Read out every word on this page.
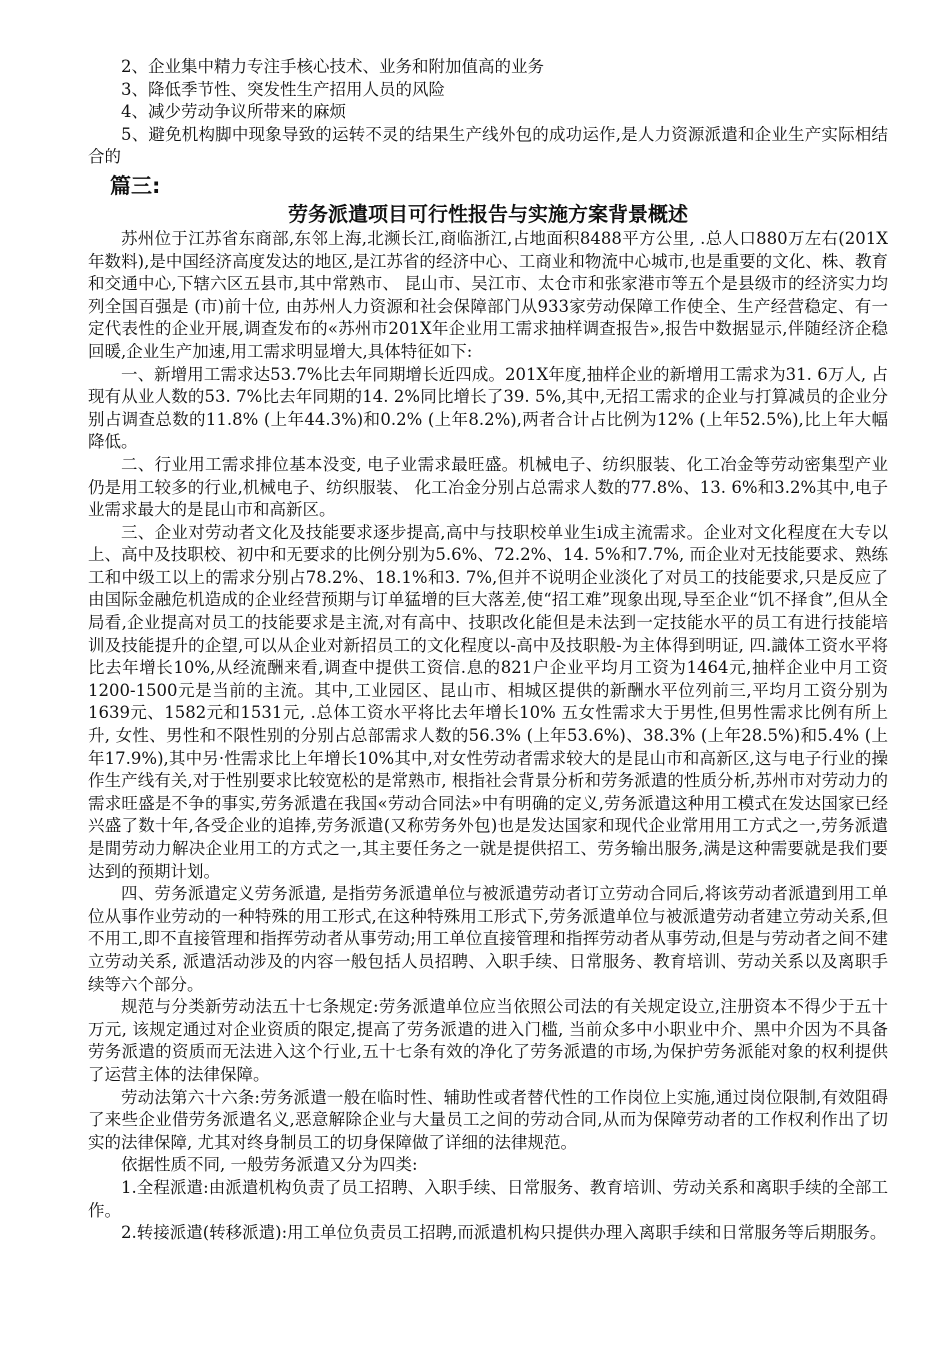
2、企业集中精力专注手核心技术、业务和附加值高的业务

3、降低季节性、突发性生产招用人员的风险

4、减少劳动争议所带来的麻烦

5、避免机构脚中现象导致的运转不灵的结果生产线外包的成功运作,是人力资源派遣和企业生产实际相结合的

篇三:
劳务派遣项目可行性报告与实施方案背景概述

苏州位于江苏省东商部,东邻上海,北濒长江,商临浙江,占地面积8488平方公里, .总人口880万左右(201X年数料),是中国经济高度发达的地区,是江苏省的经济中心、工商业和物流中心城市,也是重要的文化、株、教育和交通中心,下辖六区五县市,其中常熟市、 昆山市、吴江市、太仓市和张家港市等五个是县级市的经济实力均列全国百强是 (市)前十位, 由苏州人力资源和社会保障部门从933家劳动保障工作使全、生产经营稳定、有一定代表性的企业开展,调查发布的«苏州市201X年企业用工需求抽样调查报告»,报告中数据显示,伴随经济企稳回暖,企业生产加速,用工需求明显增大,具体特征如下:

一、新增用工需求达53.7%比去年同期增长近四成。201X年度,抽样企业的新增用工需求为31. 6万人, 占现有从业人数的53. 7%比去年同期的14. 2%同比增长了39. 5%,其中,无招工需求的企业与打算减员的企业分别占调查总数的11.8% (上年44.3%)和0.2% (上年8.2%),两者合计占比例为12% (上年52.5%),比上年大幅降低。

二、行业用工需求排位基本没变, 电子业需求最旺盛。机械电子、纺织服装、化工冶金等劳动密集型产业仍是用工较多的行业,机械电子、纺织服装、 化工冶金分别占总需求人数的77.8%、13. 6%和3.2%其中,电子业需求最大的是昆山市和高新区。

三、企业对劳动者文化及技能要求逐步提高,高中与技职校单业生i成主流需求。企业对文化程度在大专以上、高中及技职校、初中和无要求的比例分别为5.6%、72.2%、14. 5%和7.7%, 而企业对无技能要求、熟练工和中级工以上的需求分别占78.2%、18.1%和3. 7%,但并不说明企业淡化了对员工的技能要求,只是反应了由国际金融危机造成的企业经营预期与订单猛增的巨大落差,使“招工难”现象出现,导至企业“饥不择食”,但从全局看,企业提高对员工的技能要求是主流,对有高中、技职改化能但是未法到一定技能水平的员工有进行技能培训及技能提升的企望,可以从企业对新招员工的文化程度以-高中及技职般-为主体得到明证, 四.識体工资水平将比去年增长10%,从经流酬来看,调查中提供工资信.息的821户企业平均月工资为1464元,抽样企业中月工资1200-1500元是当前的主流。其中,工业园区、昆山市、相城区提供的新酬水平位列前三,平均月工资分别为1639元、1582元和1531元, .总体工资水平将比去年增长10% 五女性需求大于男性,但男性需求比例有所上升, 女性、男性和不限性别的分别占总部需求人数的56.3% (上年53.6%)、38.3% (上年28.5%)和5.4% (上年17.9%),其中另·性需求比上年增长10%其中,对女性劳动者需求较大的是昆山市和高新区,这与电子行业的操作生产线有关,对于性别要求比较宽松的是常熟市, 根指社会背景分析和劳务派遣的性质分析,苏州市对劳动力的需求旺盛是不争的事实,劳务派遣在我国«劳动合同法»中有明确的定义,劳务派遣这种用工模式在发达国家已经兴盛了数十年,各受企业的追捧,劳务派遣(又称劳务外包)也是发达国家和现代企业常用用工方式之一,劳务派遣是閒劳动力解决企业用工的方式之一,其主要任务之一就是提供招工、劳务输出服务,满是这种需要就是我们要达到的预期计划。

四、劳务派遣定义劳务派遣, 是指劳务派遣单位与被派遣劳动者订立劳动合同后,将该劳动者派遣到用工单位从事作业劳动的一种特殊的用工形式,在这种特殊用工形式下,劳务派遣单位与被派遣劳动者建立劳动关系,但不用工,即不直接管理和指挥劳动者从事劳动;用工单位直接管理和指挥劳动者从事劳动,但是与劳动者之间不建立劳动关系, 派遣活动涉及的内容一般包括人员招聘、入职手续、日常服务、教育培训、劳动关系以及离职手续等六个部分。

规范与分类新劳动法五十七条规定:劳务派遣单位应当依照公司法的有关规定设立,注册资本不得少于五十万元, 该规定通过对企业资质的限定,提高了劳务派遣的进入门槛, 当前众多中小职业中介、黑中介因为不具备劳务派遣的资质而无法进入这个行业,五十七条有效的净化了劳务派遣的市场,为保护劳务派能对象的权利提供了运营主体的法律保障。

劳动法第六十六条:劳务派遣一般在临时性、辅助性或者替代性的工作岗位上实施,通过岗位限制,有效阻碍了来些企业借劳务派遣名义,恶意解除企业与大量员工之间的劳动合同,从而为保障劳动者的工作权利作出了切实的法律保障, 尤其对终身制员工的切身保障做了详细的法律规范。

依据性质不同, 一般劳务派遣又分为四类:

1.全程派遣:由派遣机构负责了员工招聘、入职手续、日常服务、教育培训、劳动关系和离职手续的全部工作。

2.转接派遣(转移派遣):用工单位负责员工招聘,而派遣机构只提供办理入离职手续和日常服务等后期服务。
